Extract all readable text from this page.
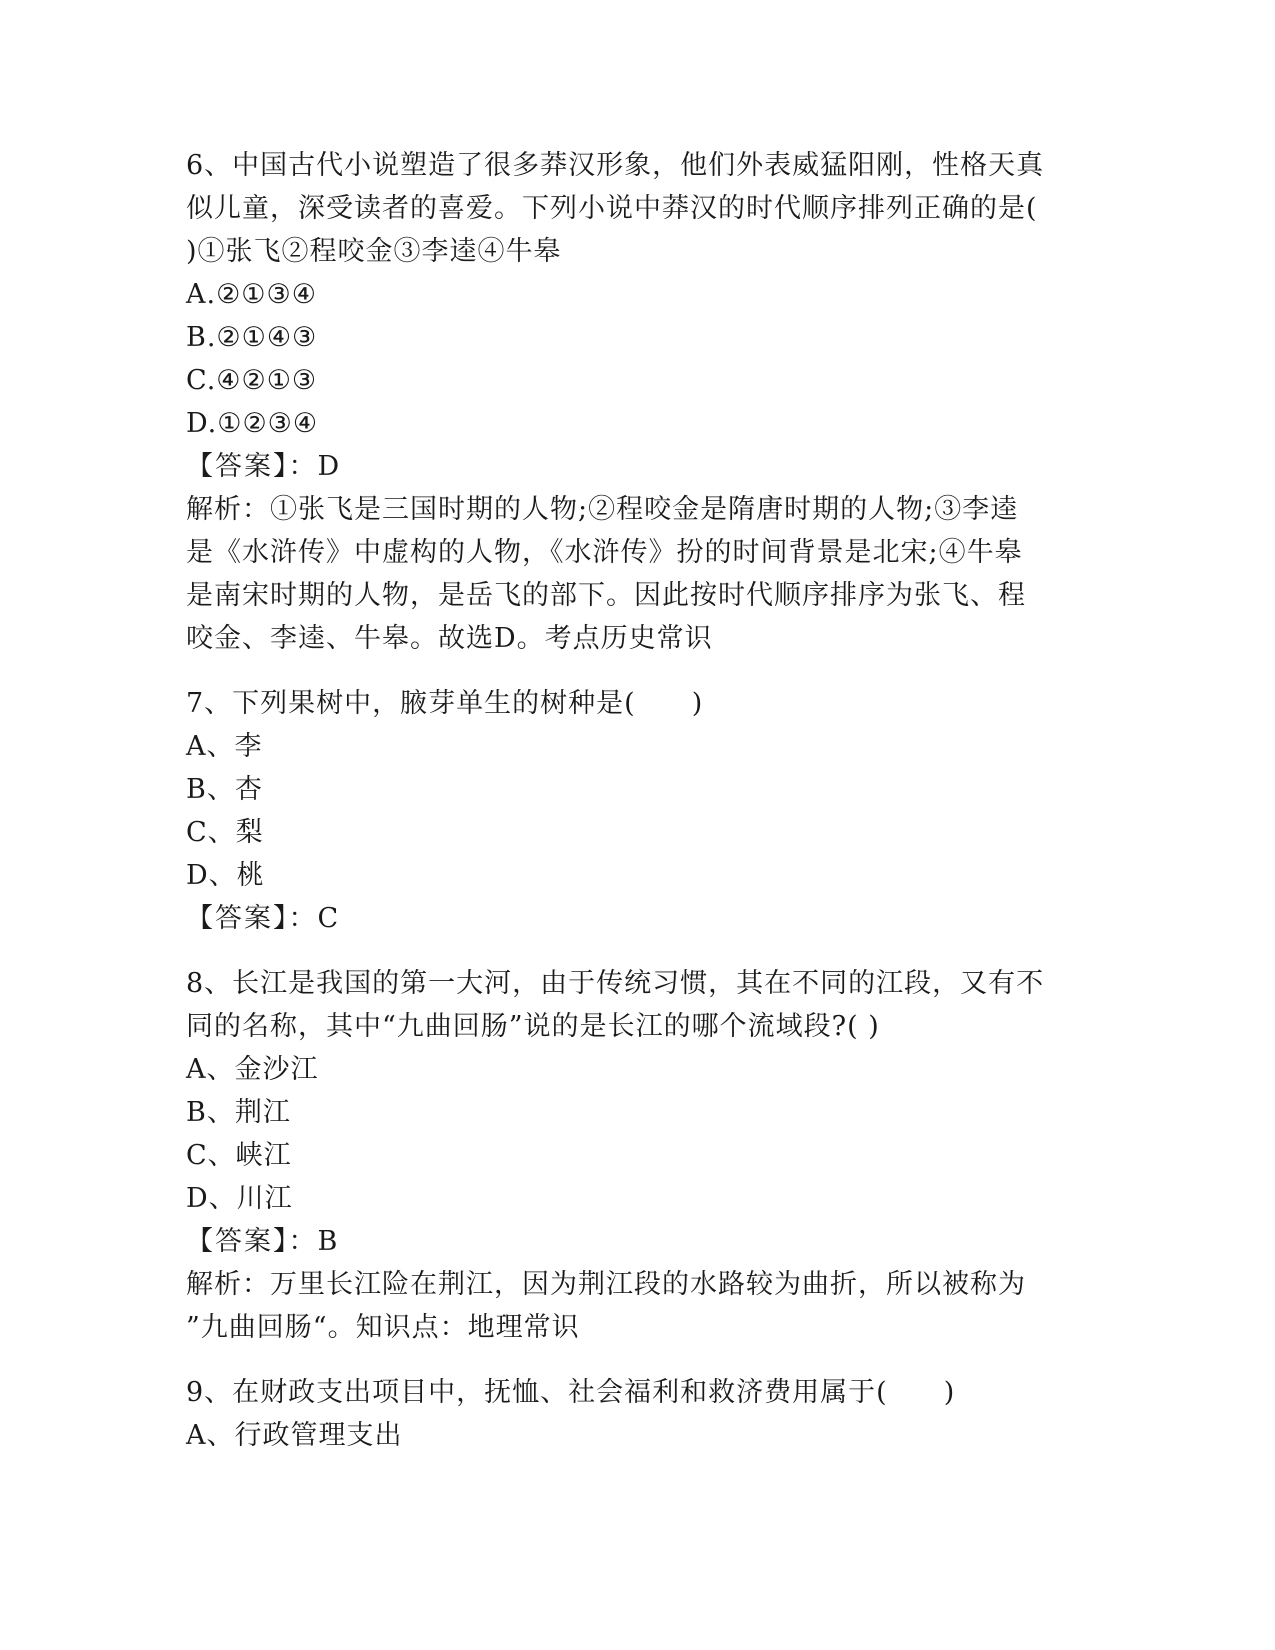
6、中国古代小说塑造了很多莽汉形象，他们外表威猛阳刚，性格天真
似儿童，深受读者的喜爱。下列小说中莽汉的时代顺序排列正确的是(
)①张飞②程咬金③李逵④牛皋
A.②①③④
B.②①④③
C.④②①③
D.①②③④
【答案】：D
解析：①张飞是三国时期的人物;②程咬金是隋唐时期的人物;③李逵
是《水浒传》中虚构的人物，《水浒传》扮的时间背景是北宋;④牛皋
是南宋时期的人物，是岳飞的部下。因此按时代顺序排序为张飞、程
咬金、李逵、牛皋。故选D。考点历史常识
7、下列果树中，腋芽单生的树种是(　　)
A、李
B、杏
C、梨
D、桃
【答案】：C
8、长江是我国的第一大河，由于传统习惯，其在不同的江段，又有不
同的名称，其中“九曲回肠”说的是长江的哪个流域段?( )
A、金沙江
B、荆江
C、峡江
D、川江
【答案】：B
解析：万里长江险在荆江，因为荆江段的水路较为曲折，所以被称为
”九曲回肠“。知识点：地理常识
9、在财政支出项目中，抚恤、社会福利和救济费用属于(　　)
A、行政管理支出
